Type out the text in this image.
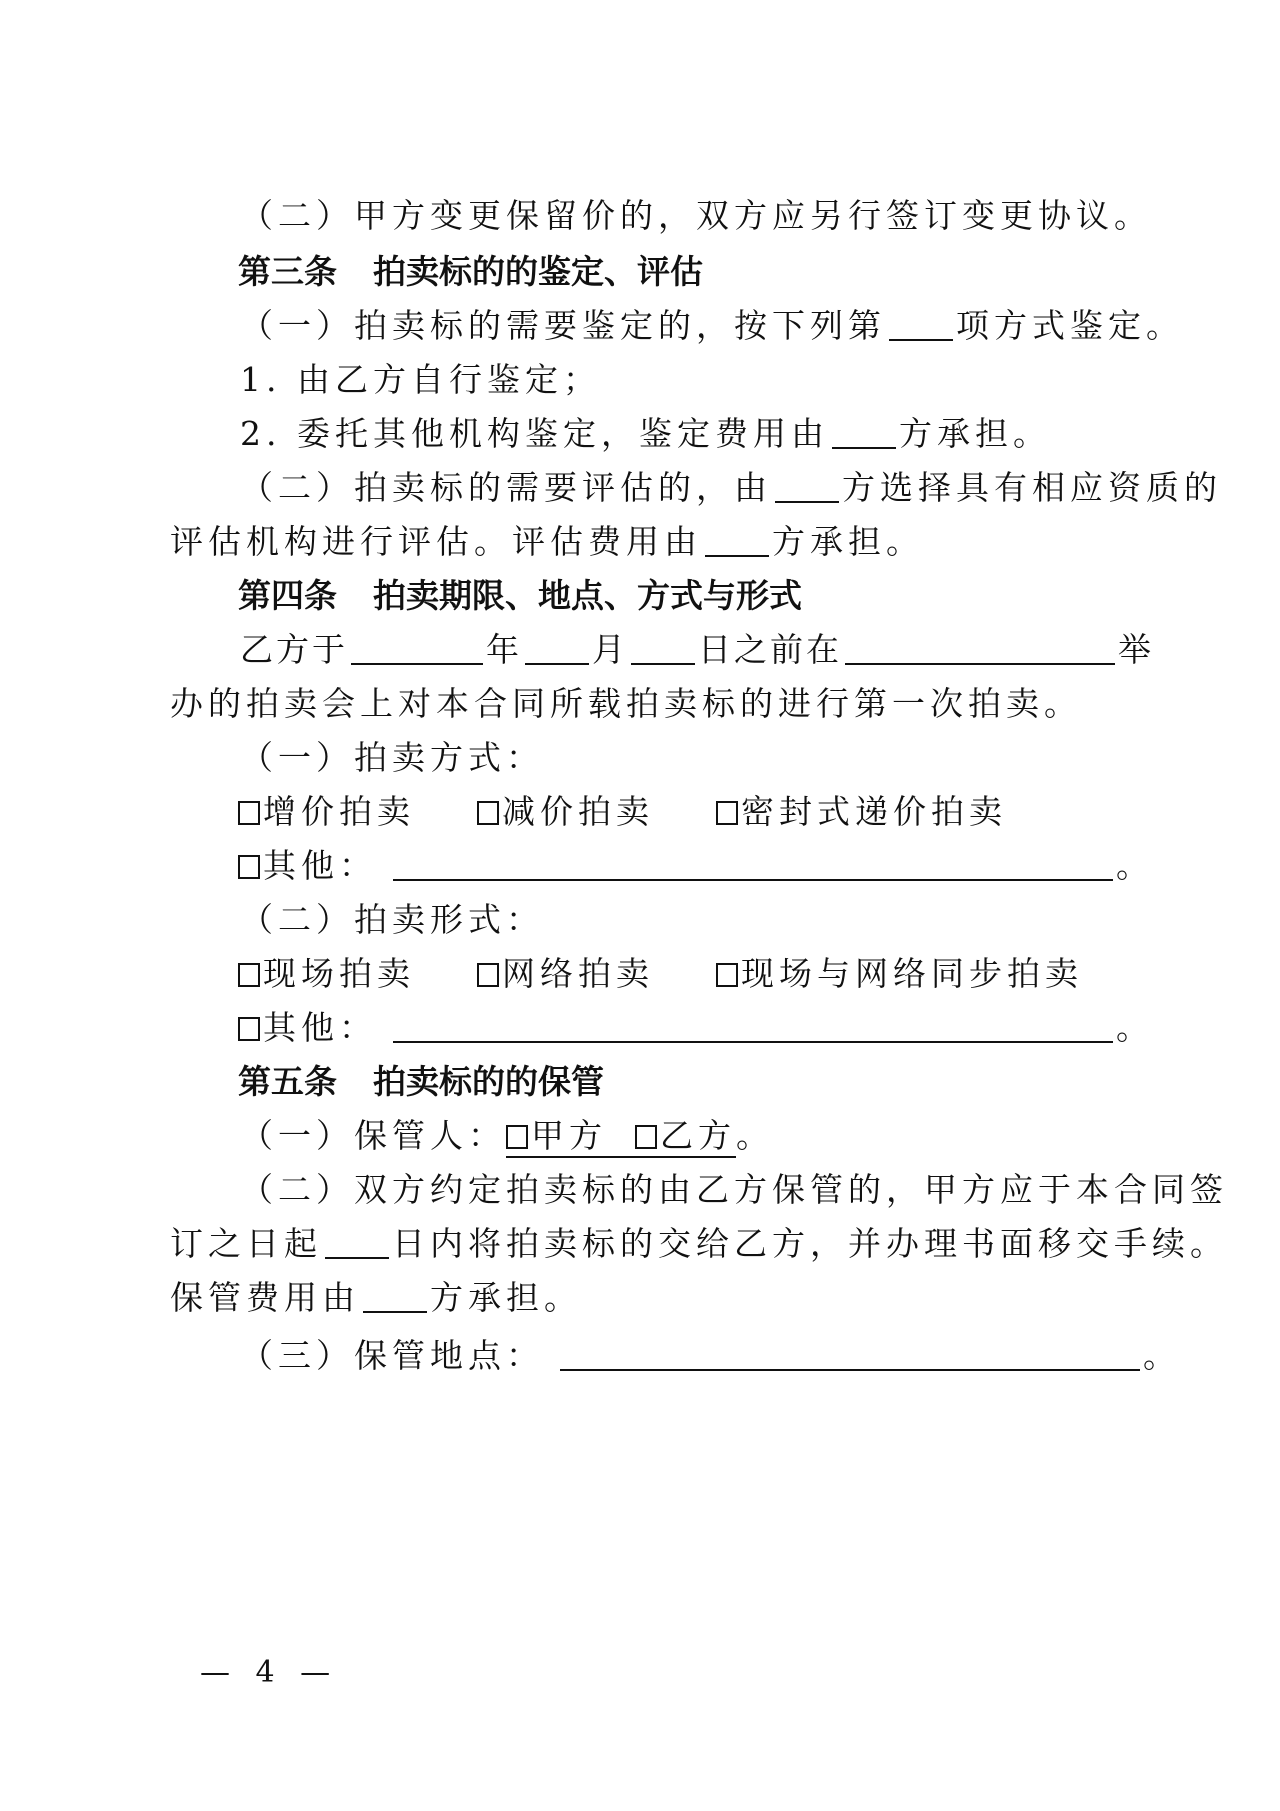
（二）甲方变更保留价的，双方应另行签订变更协议。
第三条 拍卖标的的鉴定、评估
（一）拍卖标的需要鉴定的，按下列第 项方式鉴定。
1. 由乙方自行鉴定；
2. 委托其他机构鉴定，鉴定费用由 方承担。
（二）拍卖标的需要评估的，由 方选择具有相应资质的
评估机构进行评估。评估费用由 方承担。
第四条 拍卖期限、地点、方式与形式
乙方于	年 月 日之前在	举
办的拍卖会上对本合同所载拍卖标的进行第一次拍卖。
（一）拍卖方式：
增价拍卖	减价拍卖	密封式递价拍卖
其他：	。
（二）拍卖形式：
现场拍卖	网络拍卖	现场与网络同步拍卖
其他：	。
第五条 拍卖标的的保管
（一）保管人： 甲方 乙方。
（二）双方约定拍卖标的由乙方保管的，甲方应于本合同签
订之日起 日内将拍卖标的交给乙方，并办理书面移交手续。
保管费用由 方承担。
（三）保管地点：	。
— 4 —
